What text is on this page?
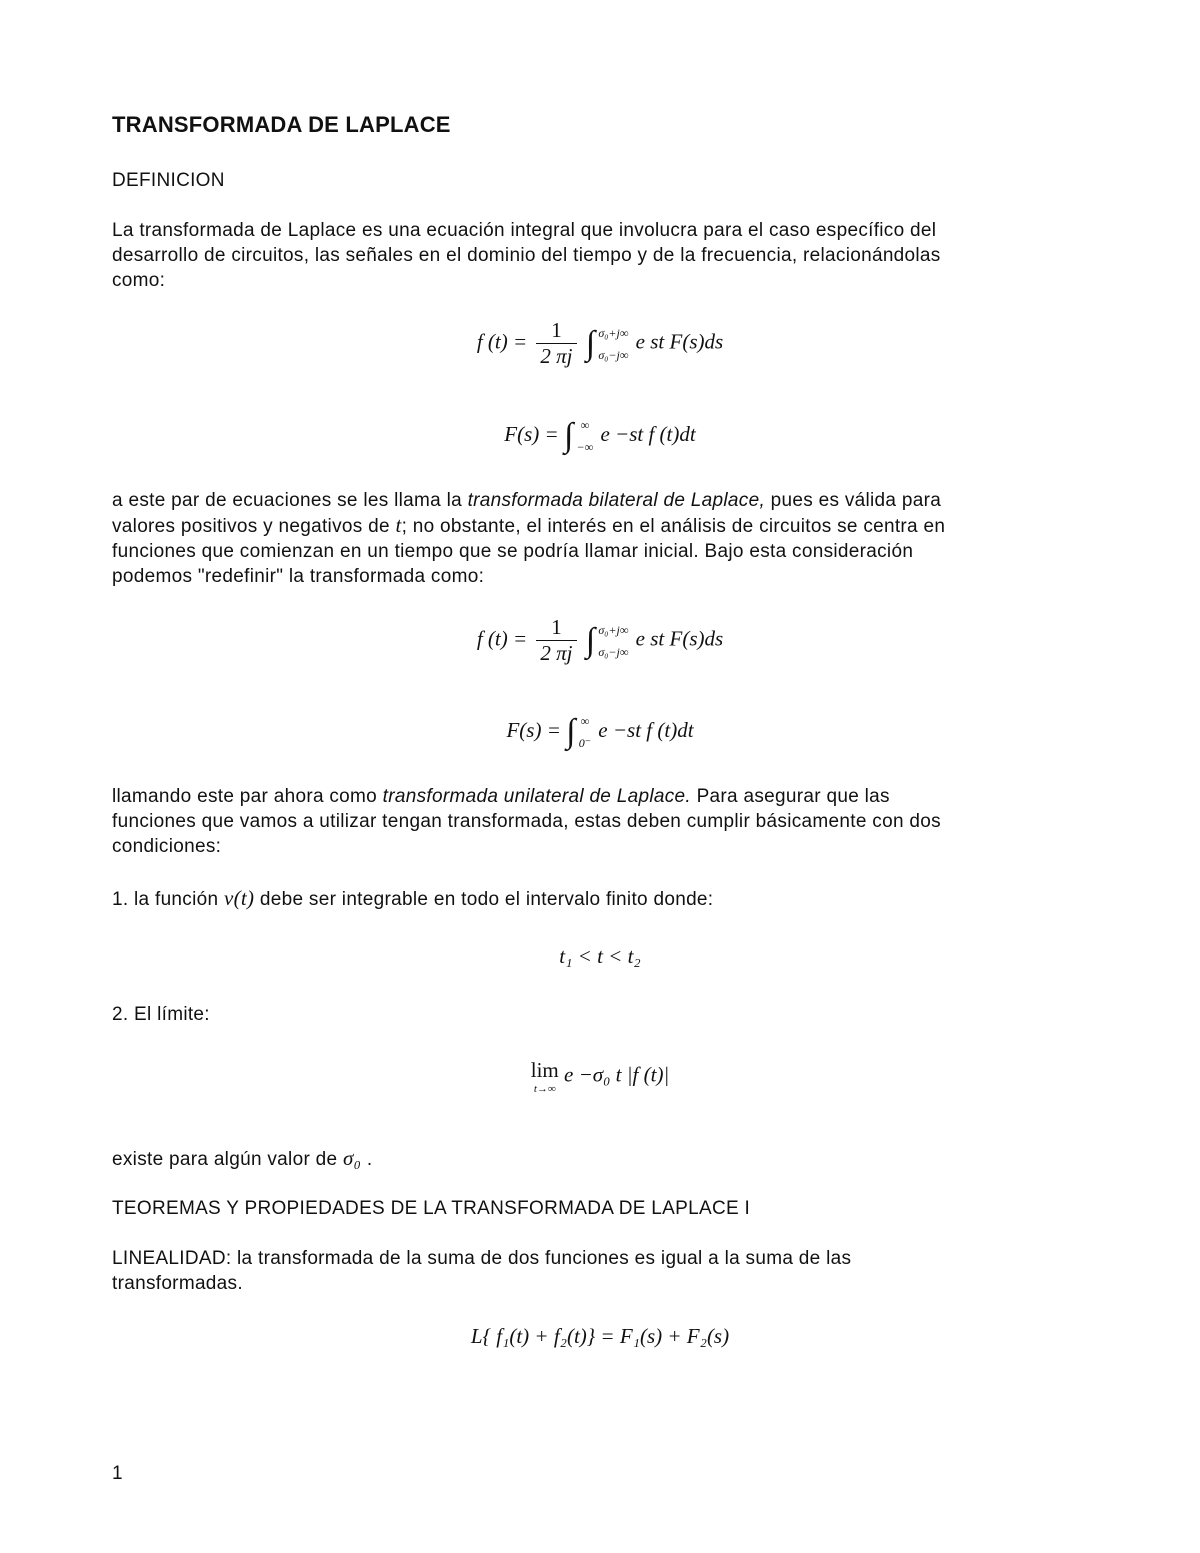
TRANSFORMADA DE LAPLACE
DEFINICION
La transformada de Laplace es una ecuación integral que involucra para el caso específico del
desarrollo de circuitos, las señales en el dominio del tiempo y de la frecuencia, relacionándolas
como:
f $(t) = \frac{1}{2 \pi j}$ ∫ σ₀+j∞
σ₀−j∞
e st F(s)ds
F(s) = ∫ ∞
−∞
e −st f (t)dt
a este par de ecuaciones se les llama la transformada bilateral de Laplace, pues es válida para
valores positivos y negativos de t; no obstante, el interés en el análisis de circuitos se centra en
funciones que comienzan en un tiempo que se podría llamar inicial. Bajo esta consideración
podemos "redefinir" la transformada como:
f $(t) = \frac{1}{2 \pi j}$ ∫ σ₀+j∞
σ₀−j∞
e st F(s)ds
F(s) = ∫ ∞
0⁻
e −st f (t)dt
llamando este par ahora como transformada unilateral de Laplace. Para asegurar que las
funciones que vamos a utilizar tengan transformada, estas deben cumplir básicamente con dos
condiciones:
1. la función v(t) debe ser integrable en todo el intervalo finito donde:
t₁ < t < t₂
2. El límite:
lim
t→∞
e −σ₀ t |f (t)|
existe para algún valor de σ₀ .
TEOREMAS Y PROPIEDADES DE LA TRANSFORMADA DE LAPLACE I
LINEALIDAD: la transformada de la suma de dos funciones es igual a la suma de las
transformadas.
L{ f₁(t) + f₂(t)} = F₁(s) + F₂(s)
1
